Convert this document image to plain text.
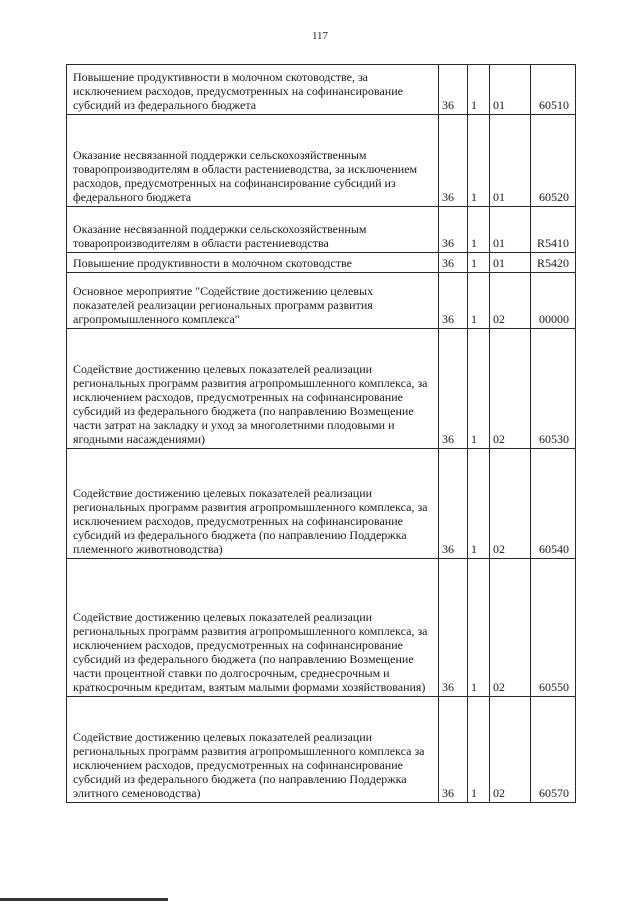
117
Повышение продуктивности в молочном скотоводстве, за исключением расходов, предусмотренных на софинансирование субсидий из федерального бюджета	36	1	01	60510
Оказание несвязанной поддержки сельскохозяйственным товаропроизводителям в области растениеводства, за исключением расходов, предусмотренных на софинансирование субсидий из федерального бюджета	36	1	01	60520
Оказание несвязанной поддержки сельскохозяйственным товаропроизводителям в области растениеводства	36	1	01	R5410
Повышение продуктивности в молочном скотоводстве	36	1	01	R5420
Основное мероприятие "Содействие достижению целевых показателей реализации региональных программ развития агропромышленного комплекса"	36	1	02	00000
Содействие достижению целевых показателей реализации региональных программ развития агропромышленного комплекса, за исключением расходов, предусмотренных на софинансирование субсидий из федерального бюджета (по направлению Возмещение части затрат на закладку и уход за многолетними плодовыми и ягодными насаждениями)	36	1	02	60530
Содействие достижению целевых показателей реализации региональных программ развития агропромышленного комплекса, за исключением расходов, предусмотренных на софинансирование субсидий из федерального бюджета (по направлению Поддержка племенного животноводства)	36	1	02	60540
Содействие достижению целевых показателей реализации региональных программ развития агропромышленного комплекса, за исключением расходов, предусмотренных на софинансирование субсидий из федерального бюджета (по направлению Возмещение части процентной ставки по долгосрочным, среднесрочным и краткосрочным кредитам, взятым малыми формами хозяйствования)	36	1	02	60550
Содействие достижению целевых показателей реализации региональных программ развития агропромышленного комплекса за исключением расходов, предусмотренных на софинансирование субсидий из федерального бюджета (по направлению Поддержка элитного семеноводства)	36	1	02	60570
